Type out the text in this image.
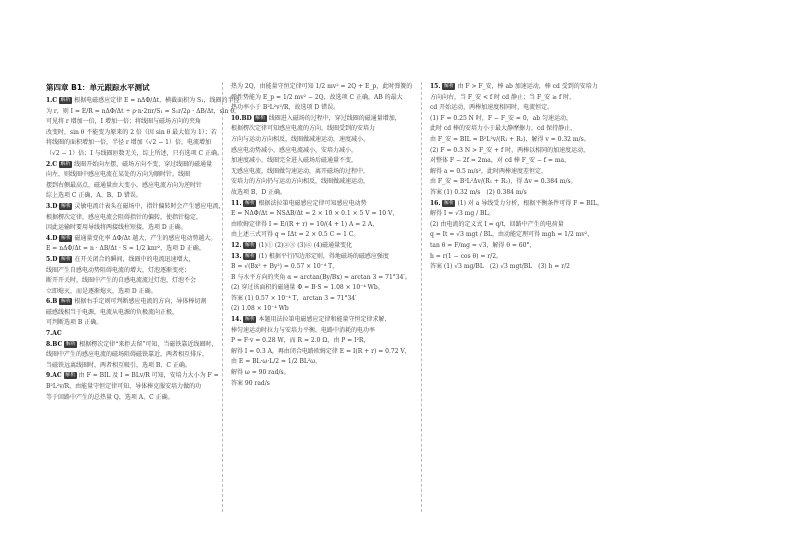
第四章 B1：单元跟踪水平测试
1.C 解析 根据电磁感应定律 E = nΔΦ/Δt，横截面积为 S₁，线圈的半径
为 r，则 I = E/R = nΔΦ/Δt ÷ ρ·n·2πr/S₁ = S₁r/2ρ · ΔB/Δt，sin θ，
可见将 r 增加一倍，I 增加一倍；将线圈与磁场方向的夹角
改变时，sin θ 不能变为原来的 2 倍（因 sin θ 最大值为 1）；若
将线圈的面积增加一倍，半径 r 增加（√2 − 1）倍，电流增加
（√2 − 1）倍；I 与线圈匝数无关，综上所述，只有选项 C 正确。
2.C 解析 线圈开始向左摆，磁场方向不变，穿过线圈的磁通量
向左，则线圈中感应电流在某处的方向为顺时针。线圈
摆到右侧最高点，磁通量由大变小，感应电流方向为逆时针
综上选项 C 正确，A、B、D 错误。
3.D 解析 灵敏电流计表头在磁场中，指针偏转时会产生感应电流，
根据楞次定律，感应电流会阻碍指针的偏转，使指针稳定，
因此运输时要用导线将两接线柱短接，选项 D 正确。
4.D 解析 磁通量变化率 ΔΦ/Δt 越大，产生的感应电动势越大。
E = nΔΦ/Δt = n · ΔB/Δt · S = 1/2 kπr²，选项 D 正确。
5.D 解析 在开关闭合的瞬间，线圈中的电流迅速增大，
线圈产生自感电动势阻碍电流的增大，灯泡逐渐变亮；
断开开关时，线圈中产生的自感电流流过灯泡，灯泡不会
立即熄灭，而是逐渐熄灭，选项 D 正确。
6.B 解析 根据右手定则可判断感应电流的方向，导体棒切割
磁感线相当于电源，电流从电源的负极流向正极，
可判断选项 B 正确。
7.AC
8.BC 解析 根据楞次定律“来拒去留”可知，当磁铁靠近线圈时，
线圈中产生的感应电流的磁场阻碍磁铁靠近，两者相互排斥，
当磁铁远离线圈时，两者相互吸引，选项 B、C 正确。
9.AC 解析 由 F = BIL 及 I = BLv/R 可知，安培力大小为 F =
B²L²v/R，由能量守恒定律可知，导体棒克服安培力做的功
等于回路中产生的总热量 Q，选项 A、C 正确。
热为 2Q，由能量守恒定律可知 1/2 mv² = 2Q + E_p，此时弹簧的
弹性势能为 E_p = 1/2 mv² − 2Q，故选项 C 正确，AB 的最大
热功率小于 B²L²v²/R，故选项 D 错误。
10.BD 解析 线圈进入磁场的过程中，穿过线圈的磁通量增加，
根据楞次定律可知感应电流的方向，线圈受到的安培力
方向与运动方向相反，线圈做减速运动，速度减小，
感应电动势减小，感应电流减小，安培力减小，
加速度减小，线圈完全进入磁场后磁通量不变，
无感应电流，线圈做匀速运动，离开磁场的过程中，
安培力的方向仍与运动方向相反，线圈做减速运动，
故选项 B、D 正确。
11. 解析 根据法拉第电磁感应定律可知感应电动势
E = NΔΦ/Δt = NSΔB/Δt = 2 × 10 × 0.1 × 5 V = 10 V，
由欧姆定律得 I = E/(R + r) = 10/(4 + 1) A = 2 A，
由上述三式可得 q = IΔt = 2 × 0.5 C = 1 C。
12. 解析 (1)① (2)②③ (3)④ (4)磁通量变化
13. 解析 (1) 根据平行四边形定则，得地磁场的磁感应强度
B = √(Bx² + By²) = 0.57 × 10⁻⁴ T，
B 与水平方向的夹角 α = arctan(By/Bx) = arctan 3 = 71°34′。
(2) 穿过该面积的磁通量 Φ = B·S = 1.08 × 10⁻⁴ Wb。
答案 (1) 0.57 × 10⁻⁴ T，arctan 3 = 71°34′
(2) 1.08 × 10⁻⁴ Wb
14. 解析 本题用法拉第电磁感应定律和能量守恒定律求解，
棒匀速运动时拉力与安培力平衡，电路中消耗的电功率
P = F·v = 0.28 W，而 R = 2.0 Ω，由 P = I²R，
解得 I = 0.3 A，再由闭合电路欧姆定律 E = I(R + r) = 0.72 V，
由 E = BL·ω·L/2 = 1/2 BL²ω，
解得 ω = 90 rad/s。
答案 90 rad/s
15. 解析 由 F > F_安，棒 ab 加速运动，棒 cd 受到的安培力
方向向右，当 F_安 < f 时 cd 静止；当 F_安 ≥ f 时，
cd 开始运动，两棒加速度相同时，电流恒定。
(1) F = 0.25 N 时，F − F_安 = 0，ab 匀速运动，
此时 cd 棒的安培力小于最大静摩擦力，cd 保持静止，
由 F_安 = BIL = B²L²v/(R₁ + R₂)，解得 v = 0.32 m/s。
(2) F = 0.3 N > F_安 + f 时，两棒以相同的加速度运动，
对整体 F − 2f = 2ma，对 cd 棒 F_安 − f = ma，
解得 a = 0.5 m/s²，此时两棒速度差恒定，
由 F_安 = B²L²Δv/(R₁ + R₂)，得 Δv = 0.384 m/s。
答案 (1) 0.32 m/s　(2) 0.384 m/s
16. 解析 (1) 对 a 导线受力分析，根据平衡条件可得 F = BIL，
解得 I = √3 mg / BL。
(2) 由电流的定义式 I = q/t，回路中产生的电荷量
q = It = √3 mgt / BL，由动能定理可得 mgh = 1/2 mv²，
tan θ = F/mg = √3，解得 θ = 60°，
h = r(1 − cos θ) = r/2。
答案 (1) √3 mg/BL　(2) √3 mgt/BL　(3) h = r/2
